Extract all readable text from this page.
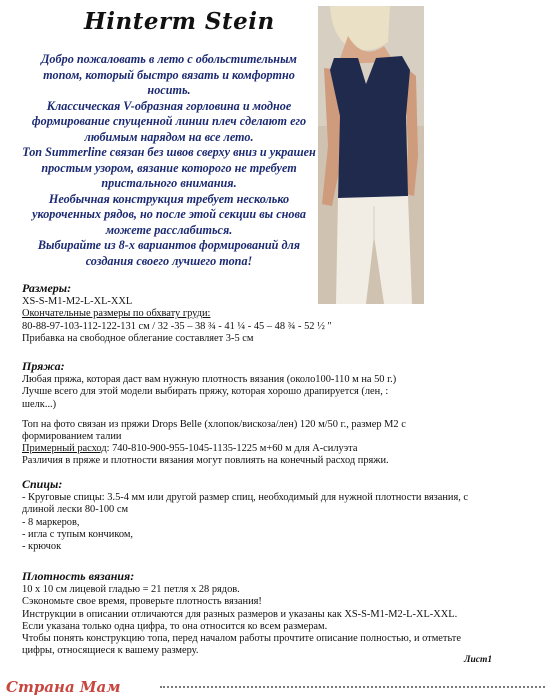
Hinterm Stein

Добро пожаловать в лето с обольстительным

топом, который быстро вязать и комфортно

носить.

Классическая V-образная горловина и модное

формирование спущенной линии плеч сделают его

любимым нарядом на все лето.

Топ Summerline связан без швов сверху вниз и украшен

простым узором, вязание которого не требует

пристального внимания.

Необычная конструкция требует несколько

укороченных рядов, но после этой секции вы снова

можете расслабиться.

Выбирайте из 8-х вариантов формирований для

создания своего лучшего топа!

Размеры:
XS-S-M1-M2-L-XL-XXL
Окончательные размеры по обхвату груди:
80-88-97-103-112-122-131 см / 32 -35 – 38 ¾ - 41 ¼ - 45 – 48 ¾ - 52 ½ "
Прибавка на свободное облегание составляет 3-5 см
Пряжа:
Любая пряжа, которая даст вам нужную плотность вязания (около100-110 м на 50 г.)
Лучше всего для этой модели выбирать пряжу, которая хорошо драпируется (лен, :
шелк...)
Топ на фото связан из пряжи Drops Belle (хлопок/вискоза/лен) 120 м/50 г., размер М2 с
формированием талии
Примерный расход: 740-810-900-955-1045-1135-1225 м+60 м для А-силуэта
Различия в пряже и плотности вязания могут повлиять на конечный расход пряжи.
Спицы:
- Круговые спицы: 3.5-4 мм или другой размер спиц, необходимый для нужной плотности вязания, с
длиной лески 80-100 см
- 8 маркеров,
- игла с тупым кончиком,
- крючок
Плотность вязания:
10 х 10 см лицевой гладью = 21 петля х 28 рядов.
Сэкономьте свое время, проверьте плотность вязания!
Инструкции в описании отличаются для разных размеров и указаны как XS-S-M1-M2-L-XL-XXL.
Если указана только одна цифра, то она относится ко всем размерам.
Чтобы понять конструкцию топа, перед началом работы прочтите описание полностью, и отметьте
цифры, относящиеся к вашему размеру.
Лист1
Страна Мам
